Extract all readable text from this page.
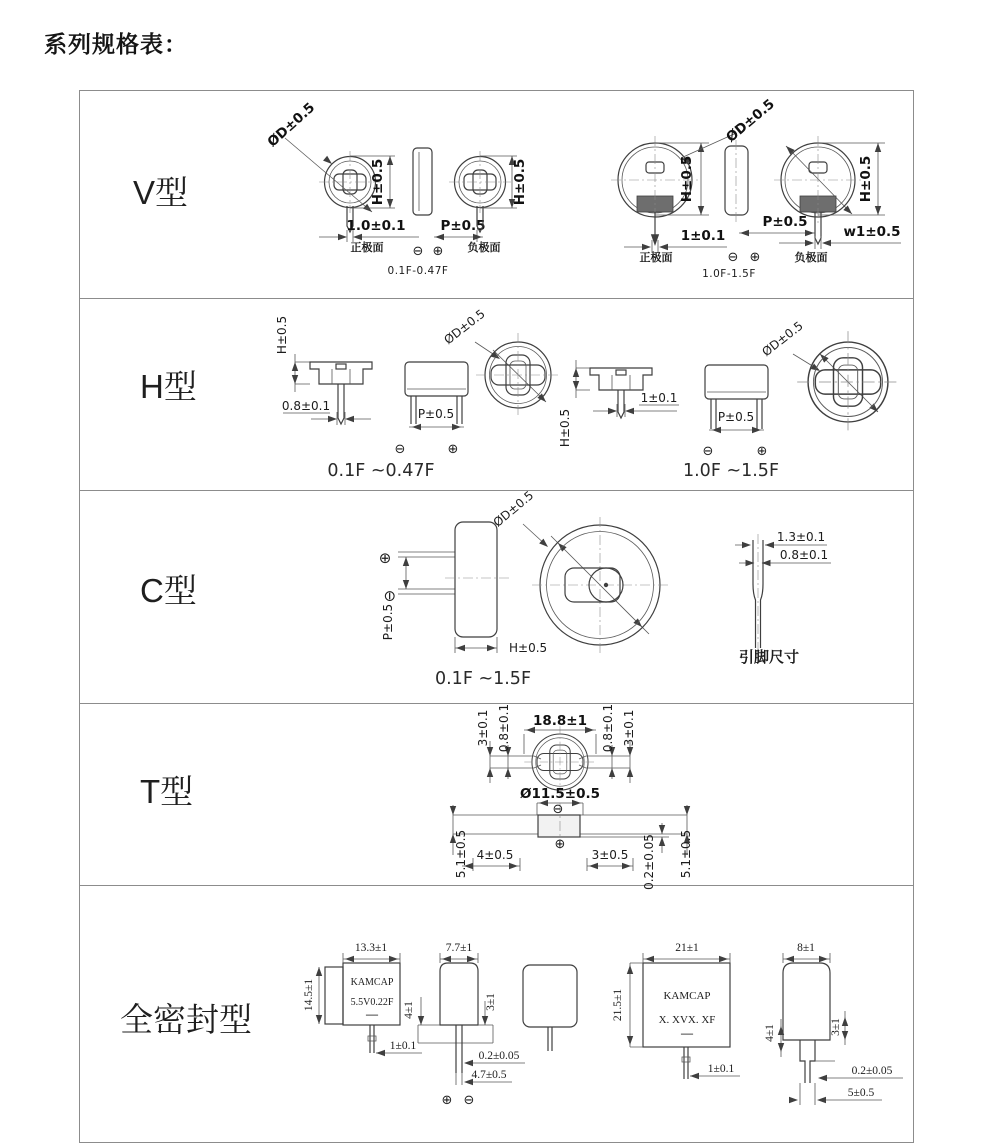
系列规格表：
V型
H型
C型
T型
全密封型
ØD±0.5
H±0.5
1.0±0.1	P±0.5
H±0.5
正极面 ⊖ ⊕ 负极面
0.1F-0.47F
H±0.5
ØD±0.5
1±0.1
正极面
P±0.5
⊖ ⊕
w1±0.5
H±0.5
负极面
1.0F-1.5F
H±0.5
0.8±0.1
P±0.5
⊖	⊕
0.1F ~0.47F
ØD±0.5
1±0.1
H±0.5	P±0.5
ØD±0.5
⊖	⊕
1.0F ~1.5F
⊕
⊖
P±0.5
H±0.5
ØD±0.5
0.1F ~1.5F
1.3±0.1
0.8±0.1
引脚尺寸
18.8±1
3±0.1 0.8±0.1	0.8±0.1 3±0.1
Ø11.5±0.5
⊖
⊕
5.1±0.5	5.1±0.5
4±0.5	3±0.5 0.2±0.05
13.3±1
14.5±1	KAMCAP
5.5V0.22F
—
1±0.1
7.7±1
4±1	3±1
0.2±0.05
4.7±0.5
⊕ ⊖
21±1
21.5±1	KAMCAP
X. XVX. XF
—
1±0.1
8±1
4±1	3±1
0.2±0.05
5±0.5
